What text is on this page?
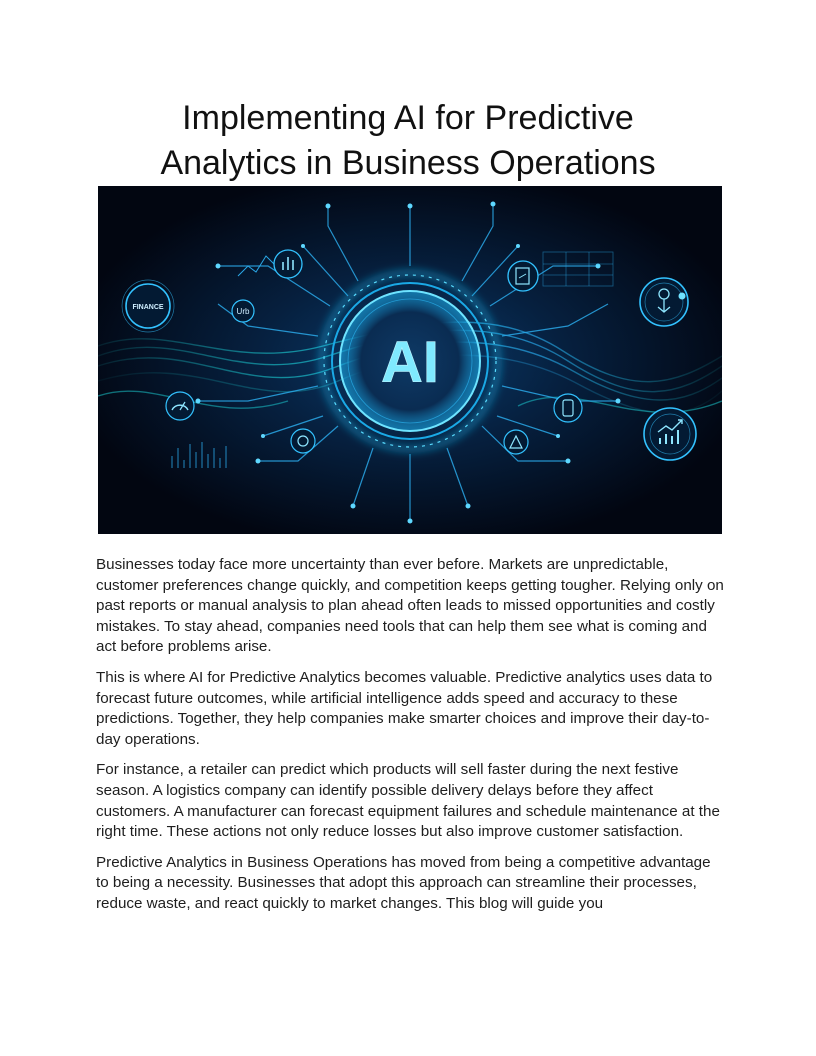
Implementing AI for Predictive
Analytics in Business Operations
AI
FINANCE	Urb

Businesses today face more uncertainty than ever before. Markets are unpredictable, customer preferences change quickly, and competition keeps getting tougher. Relying only on past reports or manual analysis to plan ahead often leads to missed opportunities and costly mistakes. To stay ahead, companies need tools that can help them see what is coming and act before problems arise.

This is where AI for Predictive Analytics becomes valuable. Predictive analytics uses data to forecast future outcomes, while artificial intelligence adds speed and accuracy to these predictions. Together, they help companies make smarter choices and improve their day-to-day operations.

For instance, a retailer can predict which products will sell faster during the next festive season. A logistics company can identify possible delivery delays before they affect customers. A manufacturer can forecast equipment failures and schedule maintenance at the right time. These actions not only reduce losses but also improve customer satisfaction.

Predictive Analytics in Business Operations has moved from being a competitive advantage to being a necessity. Businesses that adopt this approach can streamline their processes, reduce waste, and react quickly to market changes. This blog will guide you
